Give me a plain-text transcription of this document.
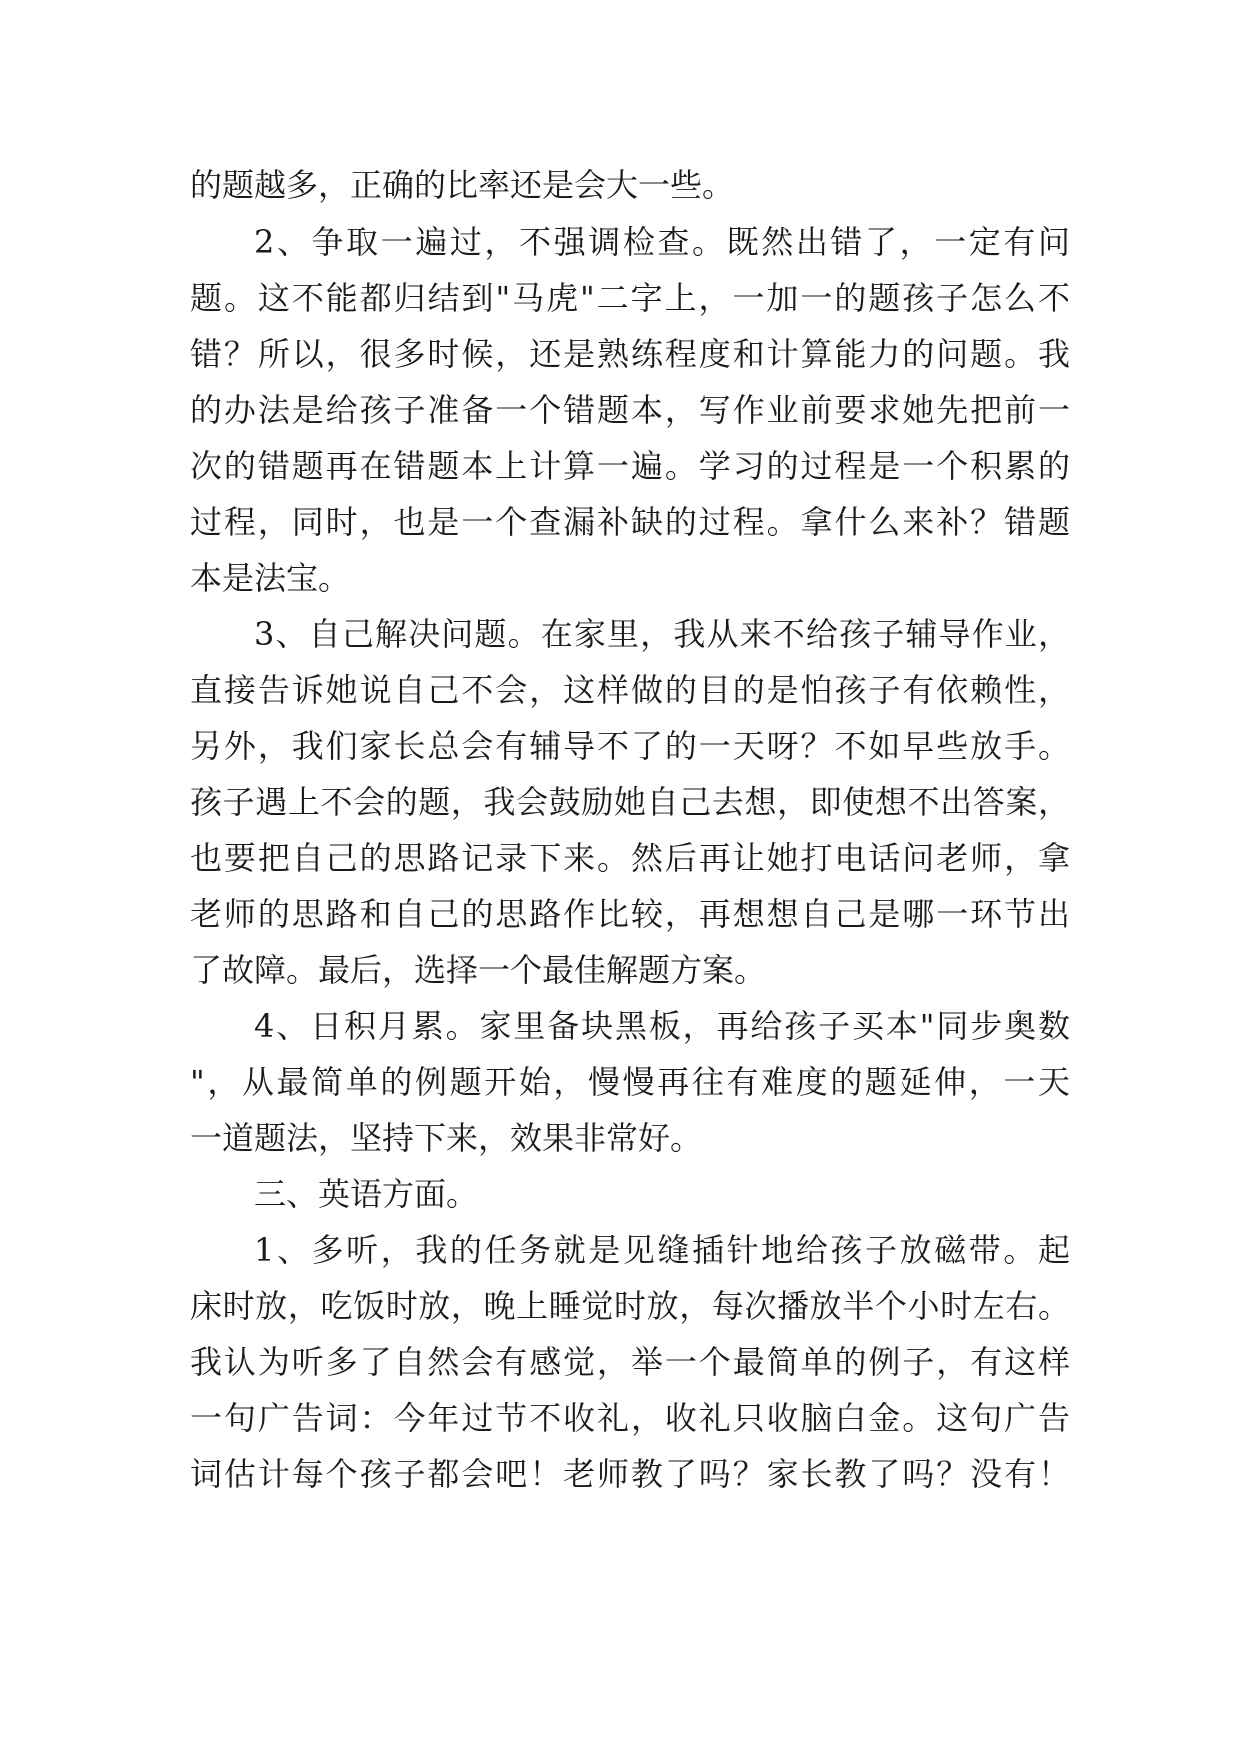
的题越多，正确的比率还是会大一些。
2、争取一遍过，不强调检查。既然出错了，一定有问
题。这不能都归结到"马虎"二字上，一加一的题孩子怎么不
错？所以，很多时候，还是熟练程度和计算能力的问题。我
的办法是给孩子准备一个错题本，写作业前要求她先把前一
次的错题再在错题本上计算一遍。学习的过程是一个积累的
过程，同时，也是一个查漏补缺的过程。拿什么来补？错题
本是法宝。
3、自己解决问题。在家里，我从来不给孩子辅导作业，
直接告诉她说自己不会，这样做的目的是怕孩子有依赖性，
另外，我们家长总会有辅导不了的一天呀？不如早些放手。
孩子遇上不会的题，我会鼓励她自己去想，即使想不出答案，
也要把自己的思路记录下来。然后再让她打电话问老师，拿
老师的思路和自己的思路作比较，再想想自己是哪一环节出
了故障。最后，选择一个最佳解题方案。
4、日积月累。家里备块黑板，再给孩子买本"同步奥数
"，从最简单的例题开始，慢慢再往有难度的题延伸，一天
一道题法，坚持下来，效果非常好。
三、英语方面。
1、多听，我的任务就是见缝插针地给孩子放磁带。起
床时放，吃饭时放，晚上睡觉时放，每次播放半个小时左右。
我认为听多了自然会有感觉，举一个最简单的例子，有这样
一句广告词：今年过节不收礼，收礼只收脑白金。这句广告
词估计每个孩子都会吧！老师教了吗？家长教了吗？没有！
